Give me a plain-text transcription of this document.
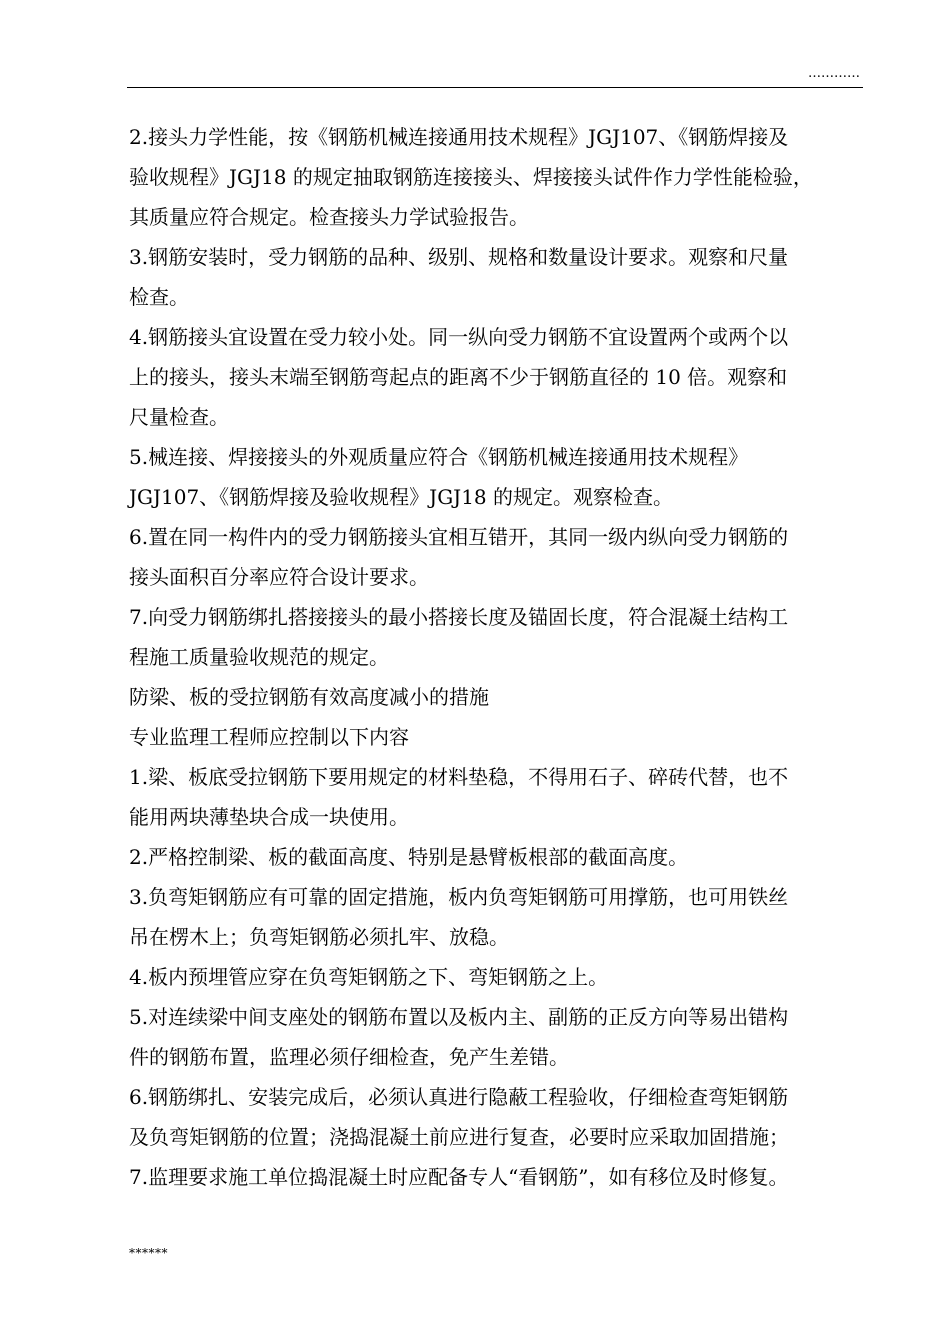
…………
2.接头力学性能，按《钢筋机械连接通用技术规程》JGJ107、《钢筋焊接及
验收规程》JGJ18 的规定抽取钢筋连接接头、焊接接头试件作力学性能检验，
其质量应符合规定。检查接头力学试验报告。
3.钢筋安装时，受力钢筋的品种、级别、规格和数量设计要求。观察和尺量
检查。
4.钢筋接头宜设置在受力较小处。同一纵向受力钢筋不宜设置两个或两个以
上的接头，接头末端至钢筋弯起点的距离不少于钢筋直径的 10 倍。观察和
尺量检查。
5.械连接、焊接接头的外观质量应符合《钢筋机械连接通用技术规程》
JGJ107、《钢筋焊接及验收规程》JGJ18 的规定。观察检查。
6.置在同一构件内的受力钢筋接头宜相互错开，其同一级内纵向受力钢筋的
接头面积百分率应符合设计要求。
7.向受力钢筋绑扎搭接接头的最小搭接长度及锚固长度，符合混凝土结构工
程施工质量验收规范的规定。
防梁、板的受拉钢筋有效高度减小的措施
专业监理工程师应控制以下内容
1.梁、板底受拉钢筋下要用规定的材料垫稳，不得用石子、碎砖代替，也不
能用两块薄垫块合成一块使用。
2.严格控制梁、板的截面高度、特别是悬臂板根部的截面高度。
3.负弯矩钢筋应有可靠的固定措施，板内负弯矩钢筋可用撑筋，也可用铁丝
吊在楞木上；负弯矩钢筋必须扎牢、放稳。
4.板内预埋管应穿在负弯矩钢筋之下、弯矩钢筋之上。
5.对连续梁中间支座处的钢筋布置以及板内主、副筋的正反方向等易出错构
件的钢筋布置，监理必须仔细检查，免产生差错。
6.钢筋绑扎、安装完成后，必须认真进行隐蔽工程验收，仔细检查弯矩钢筋
及负弯矩钢筋的位置；浇捣混凝土前应进行复查，必要时应采取加固措施；
7.监理要求施工单位捣混凝土时应配备专人“看钢筋”，如有移位及时修复。
******
